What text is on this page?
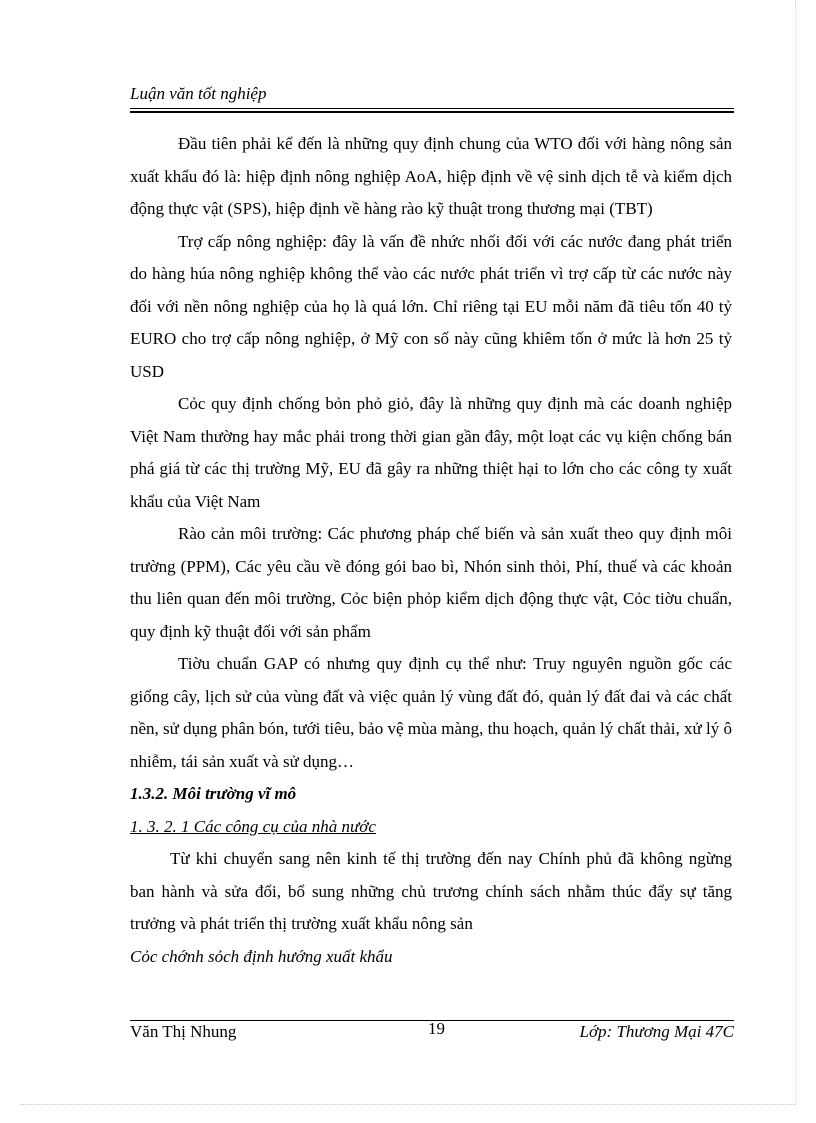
Luận văn tốt nghiệp

Đầu tiên phải kể đến là những quy định chung của WTO đối với hàng nông sản xuất khẩu đó là: hiệp định nông nghiệp AoA, hiệp định về vệ sinh dịch tễ và kiểm dịch động thực vật (SPS), hiệp định về hàng rào kỹ thuật trong thương mại (TBT)

Trợ cấp nông nghiệp: đây là vấn đề nhức nhối đối với các nước đang phát triển do hàng húa nông nghiệp không thể vào các nước phát triển vì trợ cấp từ các nước này đối với nền nông nghiệp của họ là quá lớn. Chỉ riêng tại EU mỗi năm đã tiêu tốn 40 tỷ EURO cho trợ cấp nông nghiệp, ở Mỹ con số này cũng khiêm tốn ở mức là hơn 25 tỷ USD

Cỏc quy định chống bỏn phỏ giỏ, đây là những quy định mà các doanh nghiệp Việt Nam thường hay mắc phải trong thời gian gần đây, một loạt các vụ kiện chống bán phá giá từ các thị trường Mỹ, EU đã gây ra những thiệt hại to lớn cho các công ty xuất khẩu của Việt Nam

Rào cản môi trường: Các phương pháp chế biến và sản xuất theo quy định môi trường (PPM), Các yêu cầu về đóng gói bao bì, Nhón sinh thỏi, Phí, thuế và các khoản thu liên quan đến môi trường, Cỏc biện phỏp kiểm dịch động thực vật, Cỏc tiờu chuẩn, quy định kỹ thuật đối với sản phẩm

Tiờu chuẩn GAP có nhưng quy định cụ thể như: Truy nguyên nguồn gốc các giống cây, lịch sử của vùng đất và việc quản lý vùng đất đó, quản lý đất đai và các chất nền, sử dụng phân bón, tưới tiêu, bảo vệ mùa màng, thu hoạch, quản lý chất thải, xử lý ô nhiễm, tái sản xuất và sử dụng…

1.3.2. Môi trường vĩ mô

1. 3. 2. 1 Các công cụ của nhà nước

Từ khi chuyển sang nên kinh tế thị trường đến nay Chính phủ đã không ngừng ban hành và sửa đổi, bổ sung những chủ trương chính sách nhằm thúc đẩy sự tăng trưởng và phát triển thị trường xuất khẩu nông sản

Cỏc chớnh sỏch định hướng xuất khẩu

Văn Thị Nhung	19	Lớp: Thương Mại 47C
